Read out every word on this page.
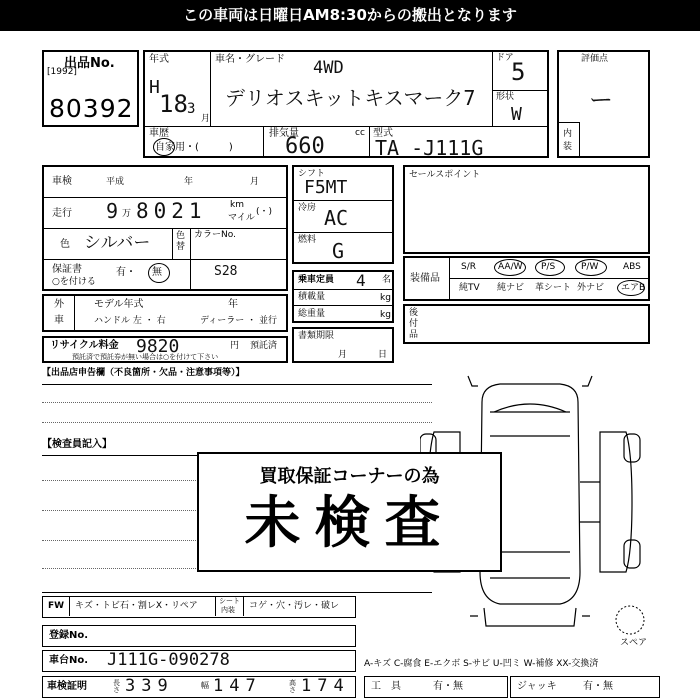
この車両は日曜日AM8:30からの搬出となります
出品No.
[1992]
80392
年式
H
18 3
月
車名・グレード 4WD
デリオスキットキスマーク7
ドア
5
形状
W
車歴
自家用・(　　　)
排気量	cc
660
型式
TA -J111G
評価点
ー
内装
車検	平成	年	月
走行 9 万 8021	km
マイル
(・)
色 シルバー	色替
カラーNo.
保証書
○を付ける
有・ 無	S28
外
車
モデル年式	年
ハンドル 左 ・ 右	ディーラー ・ 並行
リサイクル料金 9820	円 預託済
預託済で預託券が無い場合は○を付けて下さい
シフト
F5MT
冷房 AC
燃料 G
乗車定員 4 名
積載量	kg
総重量	kg
書類期限
月	日
セールスポイント
装備品
S/R AA/W P/S	P/W	ABS
純TV 純ナビ 革シート 外ナビ エアB
後
付
品
【出品店申告欄（不良箇所・欠品・注意事項等）】
【検査員記入】
スペア
買取保証コーナーの為
未検査
FW キズ・トビ石・割レX・リペア	シート
内装 コゲ・穴・汚レ・破レ
登録No.
車台No. J111G-090278
車検証明	長さ 339	幅 147	高さ 174
A-キズ C-腐食 E-エクボ S-サビ U-凹ミ W-補修 XX-交換済
工　具	有・無	ジャッキ	有・無
